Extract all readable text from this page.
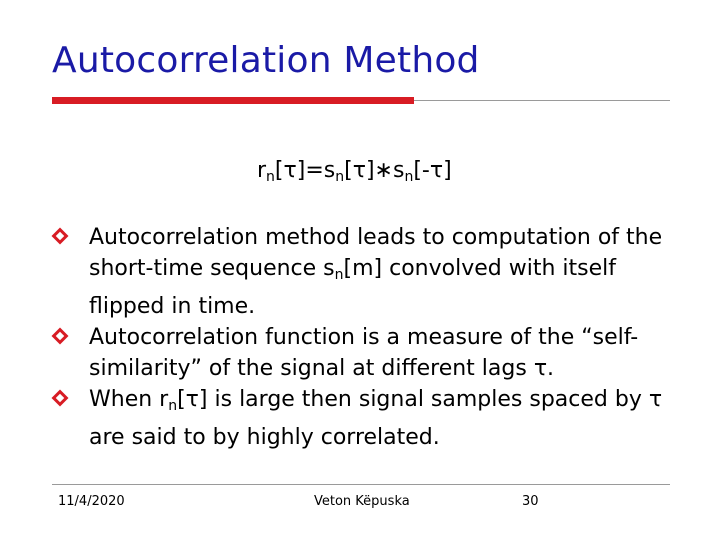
Autocorrelation Method
$r_n[\tau]=s_n[\tau]∗s_n[-\tau]$
Autocorrelation method leads to computation of the short-time sequence $s_n[m]$ convolved with itself flipped in time.
Autocorrelation function is a measure of the “self-similarity” of the signal at different lags τ.
When $r_n[\tau]$ is large then signal samples spaced by τ are said to by highly correlated.
11/4/2020	Veton Këpuska	30
